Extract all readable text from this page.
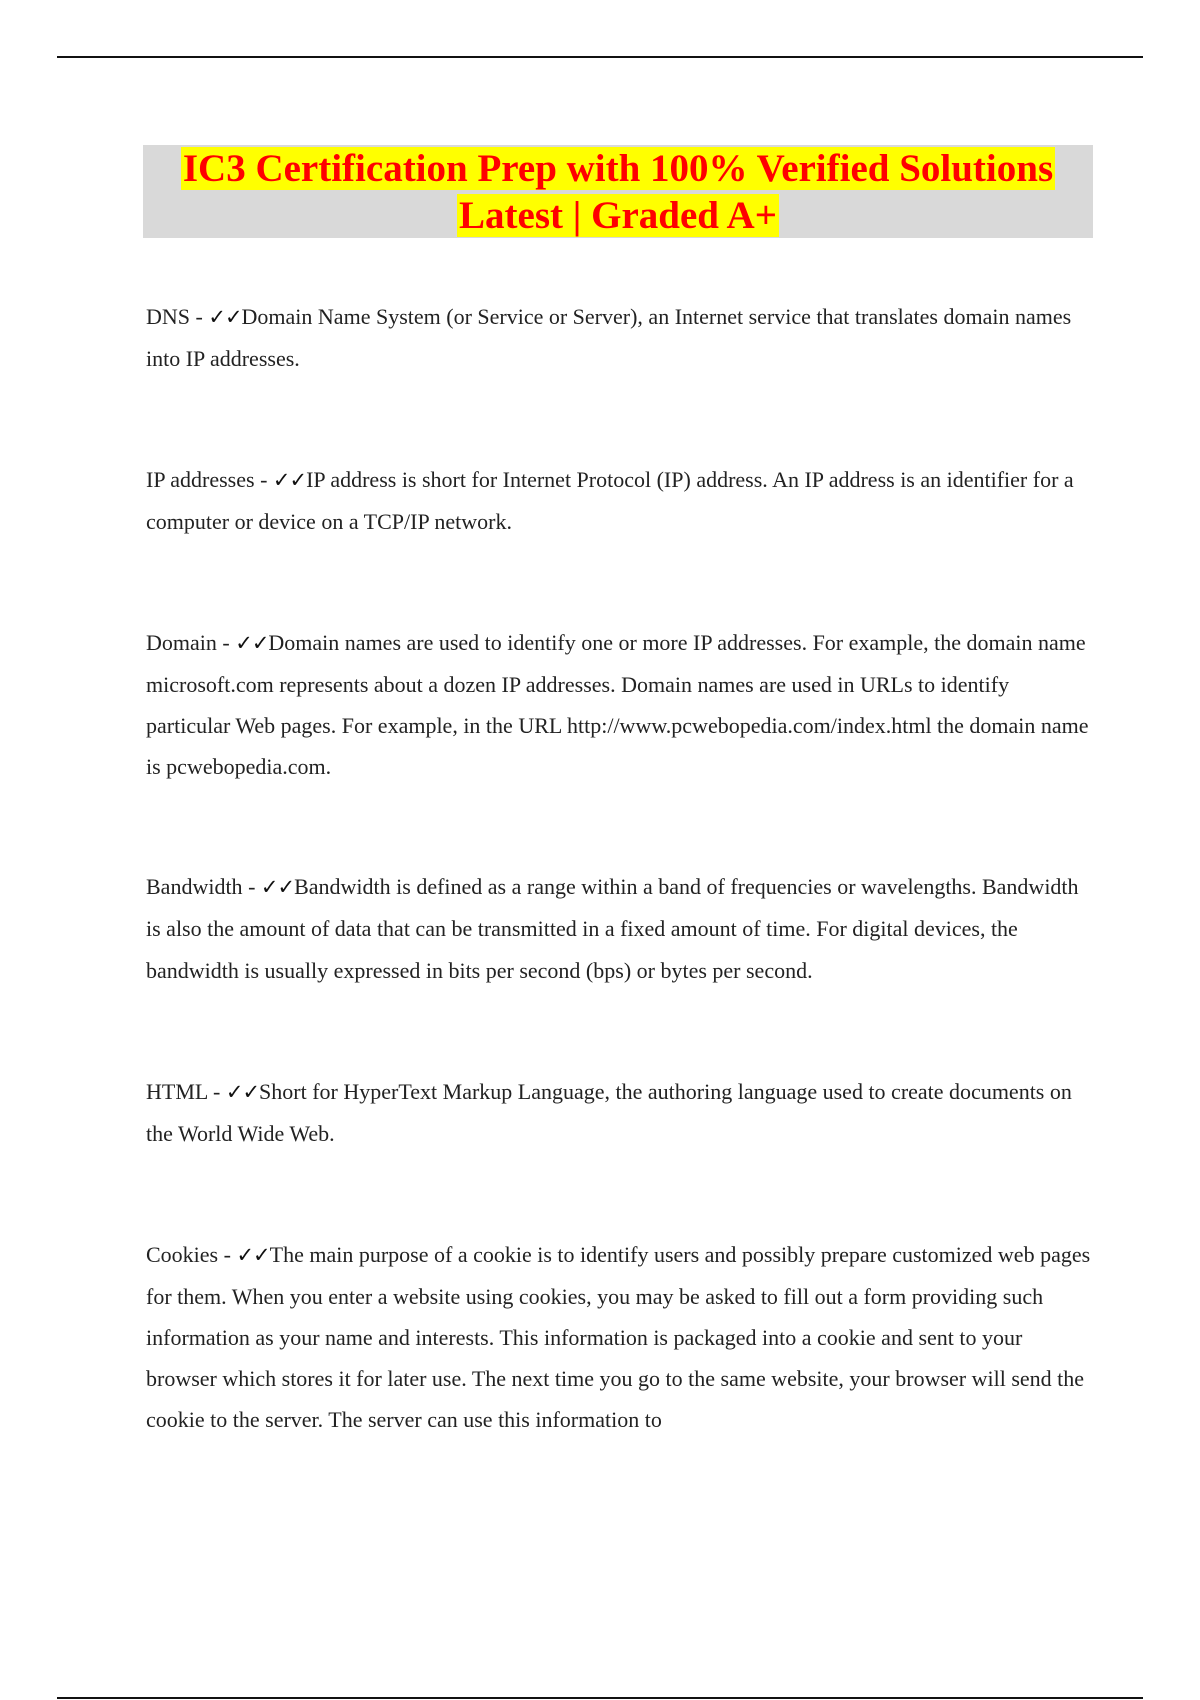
IC3 Certification Prep with 100% Verified Solutions
Latest | Graded A+

DNS - ✓✓Domain Name System (or Service or Server), an Internet service that translates domain names into IP addresses.

IP addresses - ✓✓IP address is short for Internet Protocol (IP) address. An IP address is an identifier for a computer or device on a TCP/IP network.

Domain - ✓✓Domain names are used to identify one or more IP addresses. For example, the domain name microsoft.com represents about a dozen IP addresses. Domain names are used in URLs to identify particular Web pages. For example, in the URL http://www.pcwebopedia.com/index.html the domain name is pcwebopedia.com.

Bandwidth - ✓✓Bandwidth is defined as a range within a band of frequencies or wavelengths. Bandwidth is also the amount of data that can be transmitted in a fixed amount of time. For digital devices, the bandwidth is usually expressed in bits per second (bps) or bytes per second.

HTML - ✓✓Short for HyperText Markup Language, the authoring language used to create documents on the World Wide Web.

Cookies - ✓✓The main purpose of a cookie is to identify users and possibly prepare customized web pages for them. When you enter a website using cookies, you may be asked to fill out a form providing such information as your name and interests. This information is packaged into a cookie and sent to your browser which stores it for later use. The next time you go to the same website, your browser will send the cookie to the server. The server can use this information to
